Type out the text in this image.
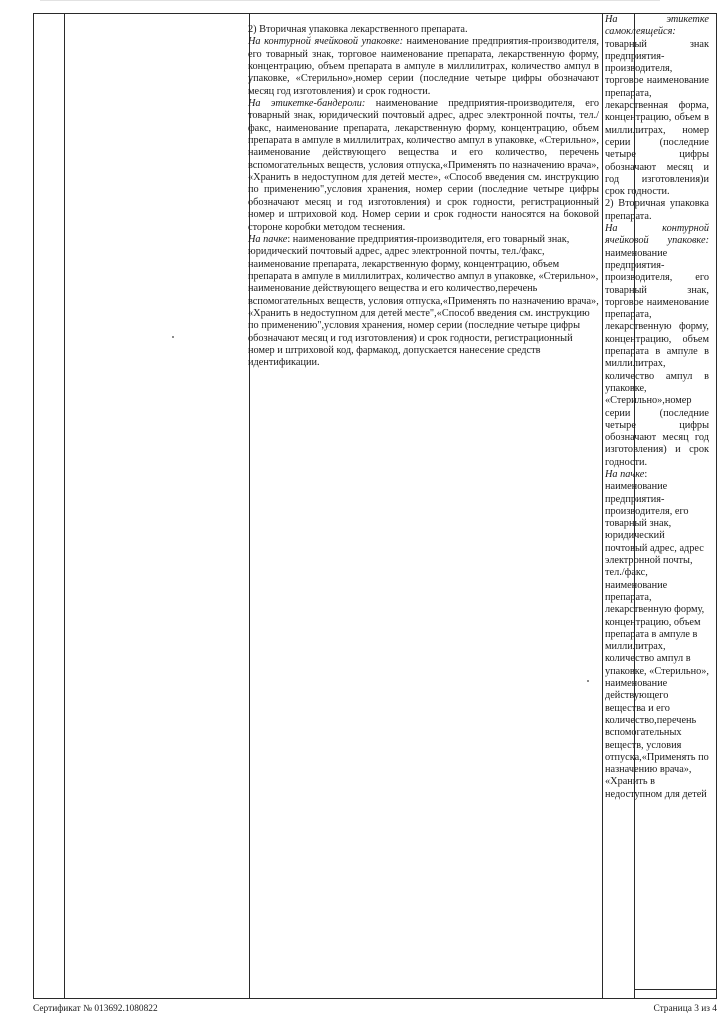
2) Вторичная упаковка лекарственного препарата.

На контурной ячейковой упаковке: наименование предприятия-производителя, его товарный знак, торговое наименование препарата, лекарственную форму, концентрацию, объем препарата в ампуле в миллилитрах, количество ампул в упаковке, «Стерильно»,номер серии (последние четыре цифры обозначают месяц год изготовления) и срок годности.

На этикетке-бандероли: наименование предприятия-производителя, его товарный знак, юридический почтовый адрес, адрес электронной почты, тел./факс, наименование препарата, лекарственную форму, концентрацию, объем препарата в ампуле в миллилитрах, количество ампул в упаковке, «Стерильно», наименование действующего вещества и его количество, перечень вспомогательных веществ, условия отпуска,«Применять по назначению врача», «Хранить в недоступном для детей месте», «Способ введения см. инструкцию по применению",условия хранения, номер серии (последние четыре цифры обозначают месяц и год изготовления) и срок годности, регистрационный номер и штриховой код. Номер серии и срок годности наносятся на боковой стороне коробки методом теснения.

На пачке: наименование предприятия-производителя, его товарный знак, юридический почтовый адрес, адрес электронной почты, тел./факс, наименование препарата, лекарственную форму, концентрацию, объем препарата в ампуле в миллилитрах, количество ампул в упаковке, «Стерильно», наименование действующего вещества и его количество,перечень вспомогательных веществ, условия отпуска,«Применять по назначению врача», «Хранить в недоступном для детей месте",«Способ введения см. инструкцию по применению",условия хранения, номер серии (последние четыре цифры обозначают месяц и год изготовления) и срок годности, регистрационный номер и штриховой код, фармакод, допускается нанесение средств идентификации.

На этикетке самоклеящейся: товарный знак предприятия-производителя, торговое наименование препарата, лекарственная форма, концентрацию, объем в миллилитрах, номер серии (последние четыре цифры обозначают месяц и год изготовления)и срок годности.

2) Вторичная упаковка препарата.

На контурной ячейковой упаковке: наименование предприятия-производителя, его товарный знак, торговое наименование препарата, лекарственную форму, концентрацию, объем препарата в ампуле в миллилитрах, количество ампул в упаковке, «Стерильно»,номер серии (последние четыре цифры обозначают месяц год изготовления) и срок годности.

На пачке: наименование предприятия-производителя, его товарный знак, юридический почтовый адрес, адрес электронной почты, тел./факс, наименование препарата, лекарственную форму, концентрацию, объем препарата в ампуле в миллилитрах, количество ампул в упаковке, «Стерильно», наименование действующего вещества и его количество,перечень вспомогательных веществ, условия отпуска,«Применять по назначению врача», «Хранить в недоступном для детей

Сертификат № 013692.1080822	Страница 3 из 4
